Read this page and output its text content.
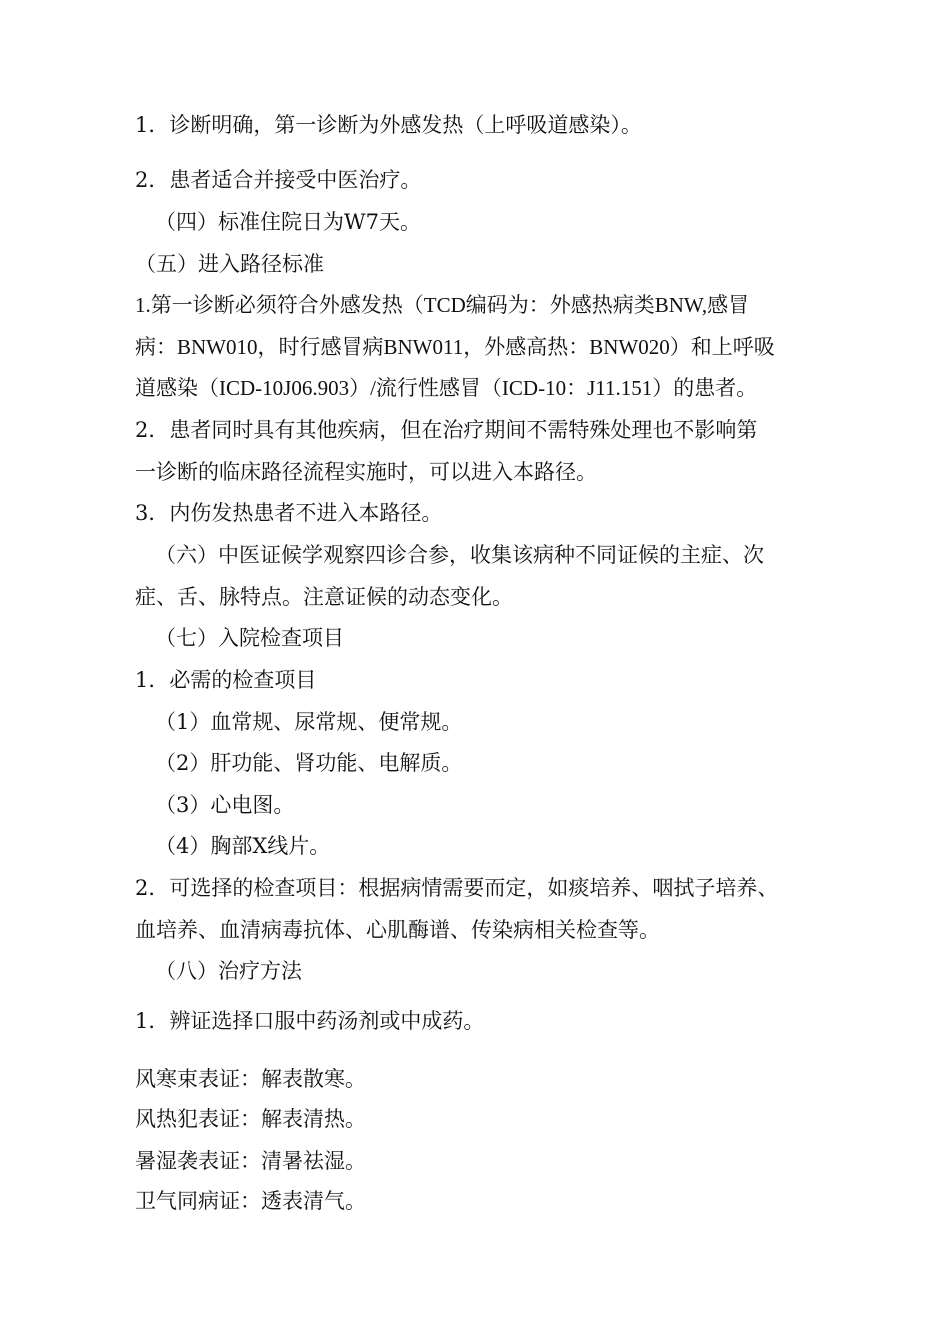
1．诊断明确，第一诊断为外感发热（上呼吸道感染）。
2．患者适合并接受中医治疗。
（四）标准住院日为W7天。
（五）进入路径标准
1.第一诊断必须符合外感发热（TCD编码为：外感热病类BNW,感冒
病：BNW010，时行感冒病BNW011，外感高热：BNW020）和上呼吸
道感染（ICD-10J06.903）/流行性感冒（ICD-10：J11.151）的患者。
2．患者同时具有其他疾病，但在治疗期间不需特殊处理也不影响第
一诊断的临床路径流程实施时，可以进入本路径。
3．内伤发热患者不进入本路径。
（六）中医证候学观察四诊合参，收集该病种不同证候的主症、次
症、舌、脉特点。注意证候的动态变化。
（七）入院检查项目
1．必需的检查项目
（1）血常规、尿常规、便常规。
（2）肝功能、肾功能、电解质。
（3）心电图。
（4）胸部X线片。
2．可选择的检查项目：根据病情需要而定，如痰培养、咽拭子培养、
血培养、血清病毒抗体、心肌酶谱、传染病相关检查等。
（八）治疗方法
1．辨证选择口服中药汤剂或中成药。
风寒束表证：解表散寒。
风热犯表证：解表清热。
暑湿袭表证：清暑祛湿。
卫气同病证：透表清气。
